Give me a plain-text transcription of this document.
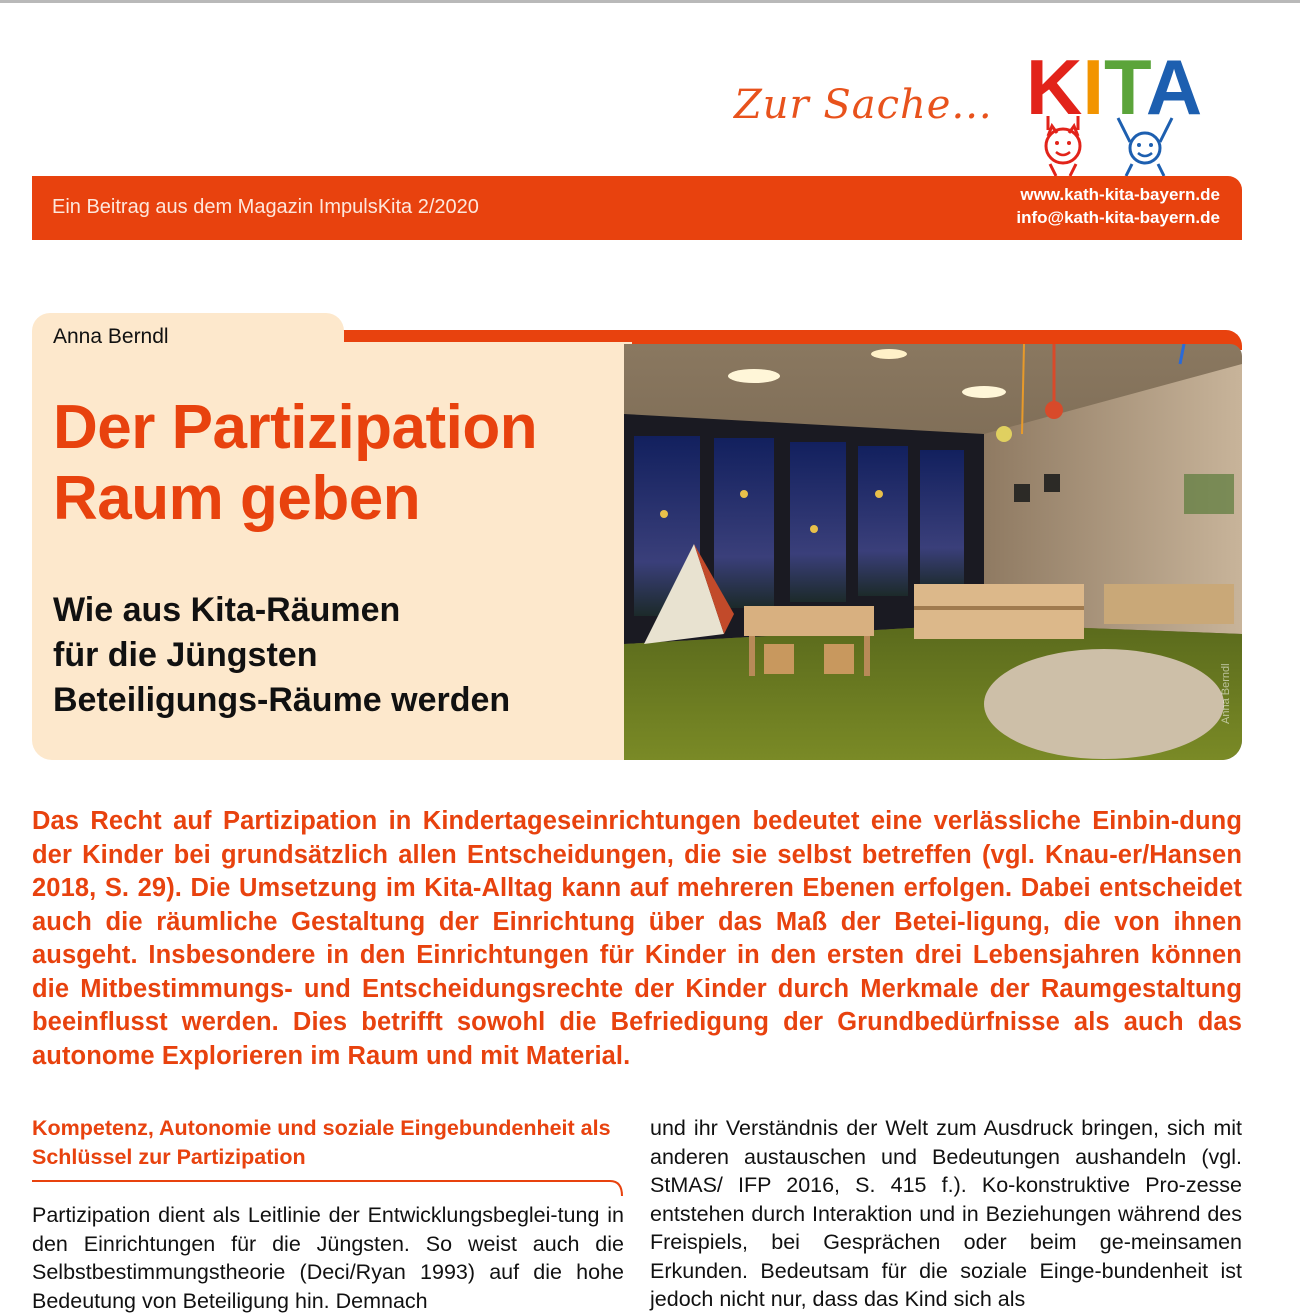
Zur Sache... KITA
Ein Beitrag aus dem Magazin ImpulsKita 2/2020
www.kath-kita-bayern.de
info@kath-kita-bayern.de
Anna Berndl
Der Partizipation
Raum geben
Wie aus Kita-Räumen
für die Jüngsten
Beteiligungs-Räume werden	Anna Berndl

Das Recht auf Partizipation in Kindertageseinrichtungen bedeutet eine verlässliche Einbin-dung der Kinder bei grundsätzlich allen Entscheidungen, die sie selbst betreffen (vgl. Knau-er/Hansen 2018, S. 29). Die Umsetzung im Kita-Alltag kann auf mehreren Ebenen erfolgen. Dabei entscheidet auch die räumliche Gestaltung der Einrichtung über das Maß der Betei-ligung, die von ihnen ausgeht. Insbesondere in den Einrichtungen für Kinder in den ersten drei Lebensjahren können die Mitbestimmungs- und Entscheidungsrechte der Kinder durch Merkmale der Raumgestaltung beeinflusst werden. Dies betrifft sowohl die Befriedigung der Grundbedürfnisse als auch das autonome Explorieren im Raum und mit Material.

Kompetenz, Autonomie und soziale Eingebundenheit als Schlüssel zur Partizipation

Partizipation dient als Leitlinie der Entwicklungsbeglei-tung in den Einrichtungen für die Jüngsten. So weist auch die Selbstbestimmungstheorie (Deci/Ryan 1993) auf die hohe Bedeutung von Beteiligung hin. Demnach

und ihr Verständnis der Welt zum Ausdruck bringen, sich mit anderen austauschen und Bedeutungen aushandeln (vgl. StMAS/ IFP 2016, S. 415 f.). Ko-konstruktive Pro-zesse entstehen durch Interaktion und in Beziehungen während des Freispiels, bei Gesprächen oder beim ge-meinsamen Erkunden. Bedeutsam für die soziale Einge-bundenheit ist jedoch nicht nur, dass das Kind sich als
